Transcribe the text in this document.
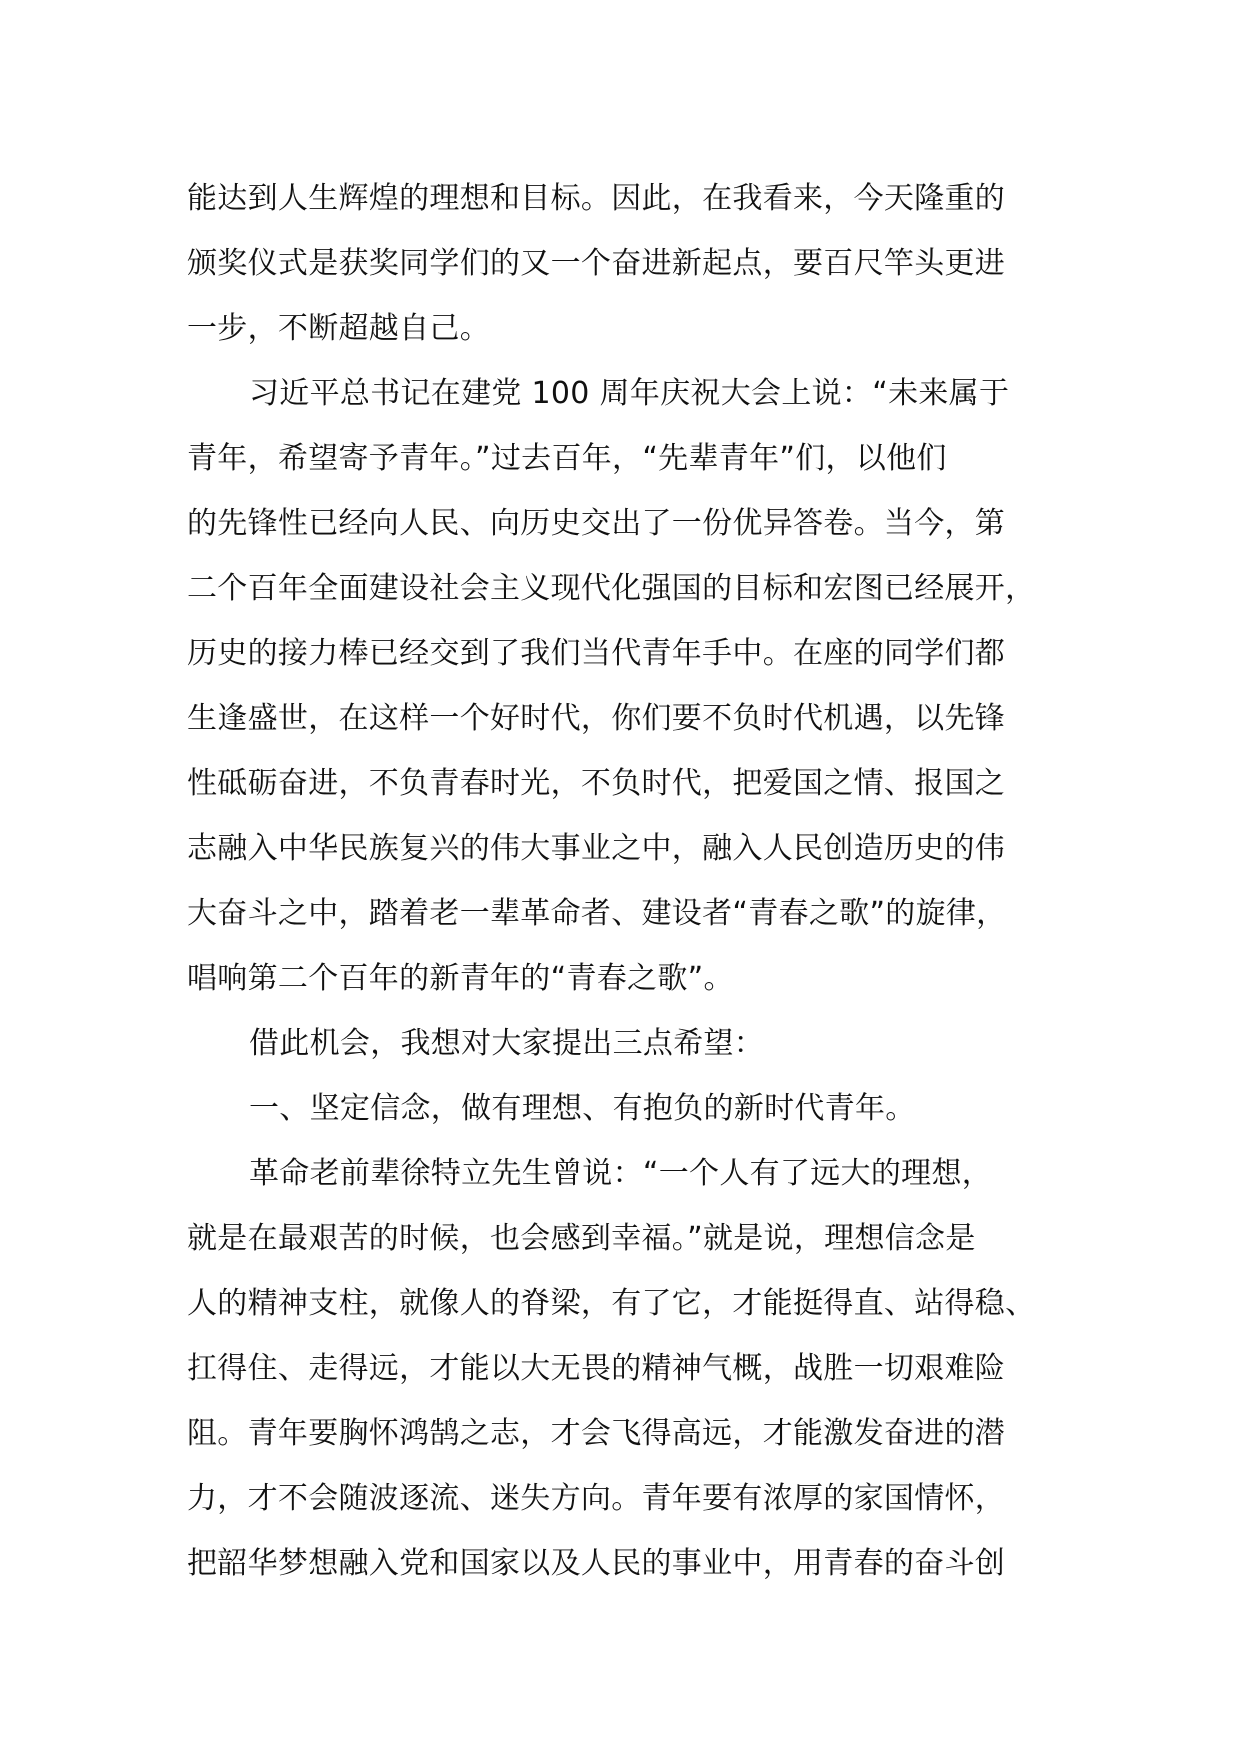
能达到人生辉煌的理想和目标。因此，在我看来，今天隆重的
颁奖仪式是获奖同学们的又一个奋进新起点，要百尺竿头更进
一步，不断超越自己。
习近平总书记在建党 100 周年庆祝大会上说：“未来属于
青年，希望寄予青年。”过去百年，“先辈青年”们，以他们
的先锋性已经向人民、向历史交出了一份优异答卷。当今，第
二个百年全面建设社会主义现代化强国的目标和宏图已经展开，
历史的接力棒已经交到了我们当代青年手中。在座的同学们都
生逢盛世，在这样一个好时代，你们要不负时代机遇，以先锋
性砥砺奋进，不负青春时光，不负时代，把爱国之情、报国之
志融入中华民族复兴的伟大事业之中，融入人民创造历史的伟
大奋斗之中，踏着老一辈革命者、建设者“青春之歌”的旋律，
唱响第二个百年的新青年的“青春之歌”。
借此机会，我想对大家提出三点希望：
一、坚定信念，做有理想、有抱负的新时代青年。
革命老前辈徐特立先生曾说：“一个人有了远大的理想，
就是在最艰苦的时候，也会感到幸福。”就是说，理想信念是
人的精神支柱，就像人的脊梁，有了它，才能挺得直、站得稳、
扛得住、走得远，才能以大无畏的精神气概，战胜一切艰难险
阻。青年要胸怀鸿鹄之志，才会飞得高远，才能激发奋进的潜
力，才不会随波逐流、迷失方向。青年要有浓厚的家国情怀，
把韶华梦想融入党和国家以及人民的事业中，用青春的奋斗创
